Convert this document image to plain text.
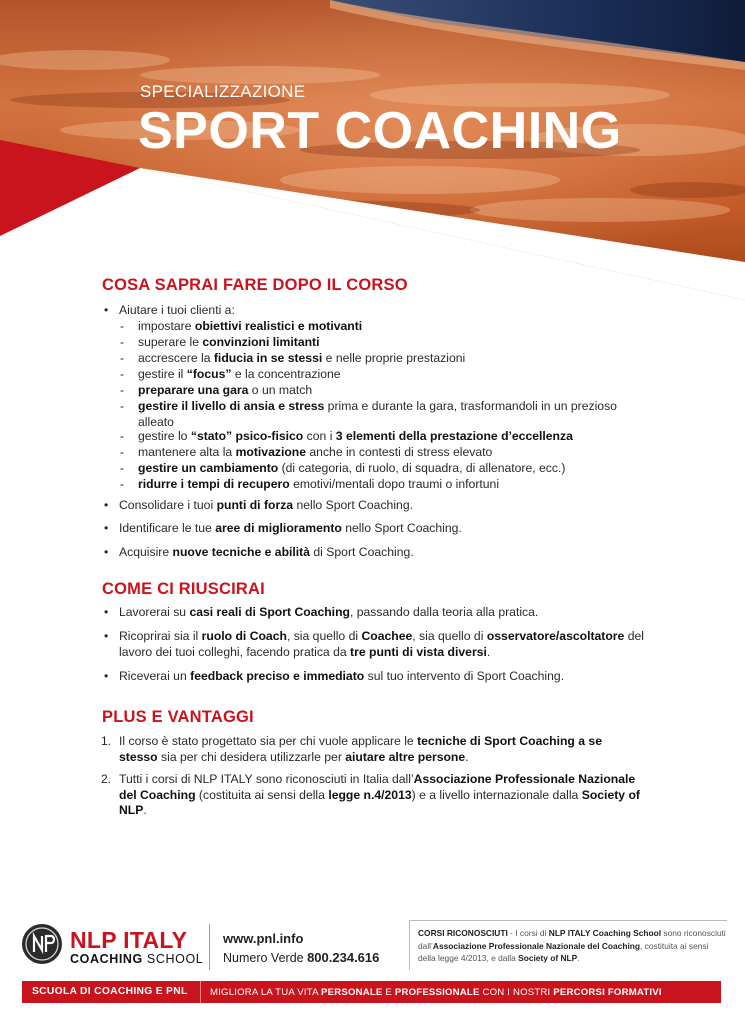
SPECIALIZZAZIONE
SPORT COACHING
COSA SAPRAI FARE DOPO IL CORSO
• Aiutare i tuoi clienti a:
- impostare obiettivi realistici e motivanti
- superare le convinzioni limitanti
- accrescere la fiducia in se stessi e nelle proprie prestazioni
- gestire il “focus” e la concentrazione
- preparare una gara o un match
- gestire il livello di ansia e stress prima e durante la gara, trasformandoli in un prezioso alleato
- gestire lo “stato” psico-fisico con i 3 elementi della prestazione d’eccellenza
- mantenere alta la motivazione anche in contesti di stress elevato
- gestire un cambiamento (di categoria, di ruolo, di squadra, di allenatore, ecc.)
- ridurre i tempi di recupero emotivi/mentali dopo traumi o infortuni
• Consolidare i tuoi punti di forza nello Sport Coaching.
• Identificare le tue aree di miglioramento nello Sport Coaching.
• Acquisire nuove tecniche e abilità di Sport Coaching.
COME CI RIUSCIRAI
• Lavorerai su casi reali di Sport Coaching, passando dalla teoria alla pratica.
• Ricoprirai sia il ruolo di Coach, sia quello di Coachee, sia quello di osservatore/ascoltatore del lavoro dei tuoi colleghi, facendo pratica da tre punti di vista diversi.
• Riceverai un feedback preciso e immediato sul tuo intervento di Sport Coaching.
PLUS E VANTAGGI
1. Il corso è stato progettato sia per chi vuole applicare le tecniche di Sport Coaching a se stesso sia per chi desidera utilizzarle per aiutare altre persone.
2. Tutti i corsi di NLP ITALY sono riconosciuti in Italia dall’Associazione Professionale Nazionale del Coaching (costituita ai sensi della legge n.4/2013) e a livello internazionale dalla Society of NLP.
NLP ITALY
COACHING SCHOOL
www.pnl.info
Numero Verde 800.234.616
CORSI RICONOSCIUTI - I corsi di NLP ITALY Coaching School sono riconosciuti dall’Associazione Professionale Nazionale del Coaching, costituita ai sensi della legge 4/2013, e dalla Society of NLP.
SCUOLA DI COACHING E PNL MIGLIORA LA TUA VITA PERSONALE E PROFESSIONALE CON I NOSTRI PERCORSI FORMATIVI
